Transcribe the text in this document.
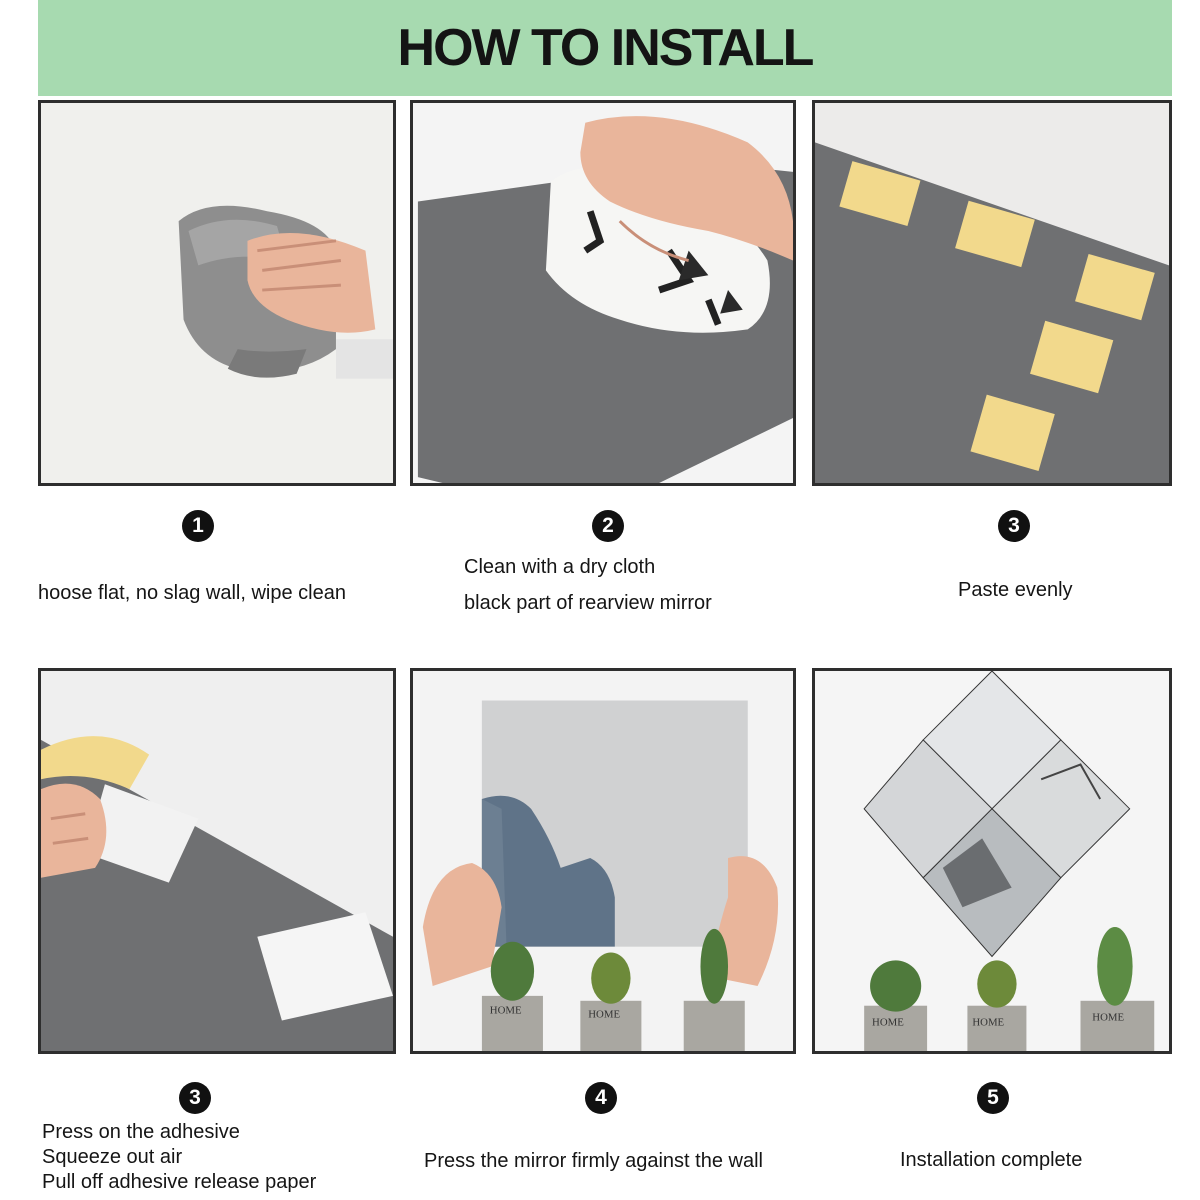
HOW TO INSTALL
HOME	HOME
HOME	HOME	HOME
1
hoose flat, no slag wall, wipe clean
2
Clean with a dry cloth
black part of rearview mirror
3
Paste evenly
3
Press on the adhesive
Squeeze out air
Pull off adhesive release paper
4
Press the mirror firmly against the wall
5
Installation complete
